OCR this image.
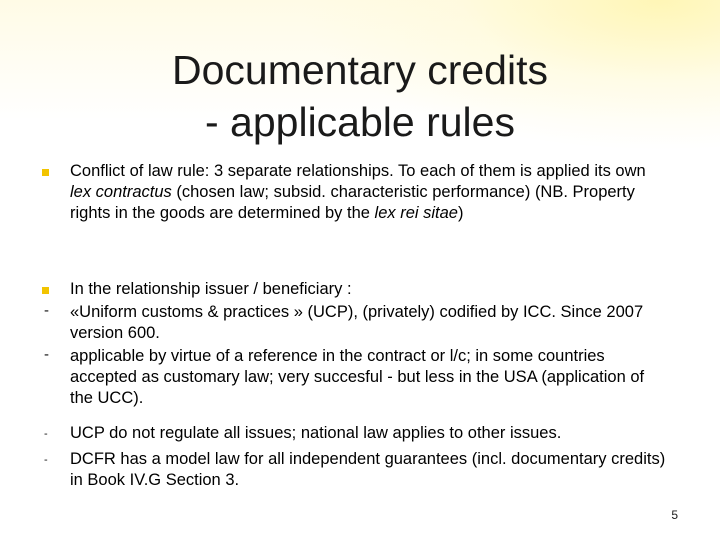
Documentary credits
- applicable rules
Conflict of law rule: 3 separate relationships. To each of them is applied its own lex contractus (chosen law; subsid. characteristic performance) (NB. Property rights in the goods are determined by the lex rei sitae)
In the relationship issuer / beneficiary :
- «Uniform customs & practices » (UCP), (privately) codified by ICC. Since 2007 version 600.
- applicable by virtue of a reference in the contract or l/c; in some countries accepted as customary law; very succesful - but less in the USA (application of the UCC).
- UCP do not regulate all issues; national law applies to other issues.
- DCFR has a model law for all independent guarantees (incl. documentary credits) in Book IV.G Section 3.
5
